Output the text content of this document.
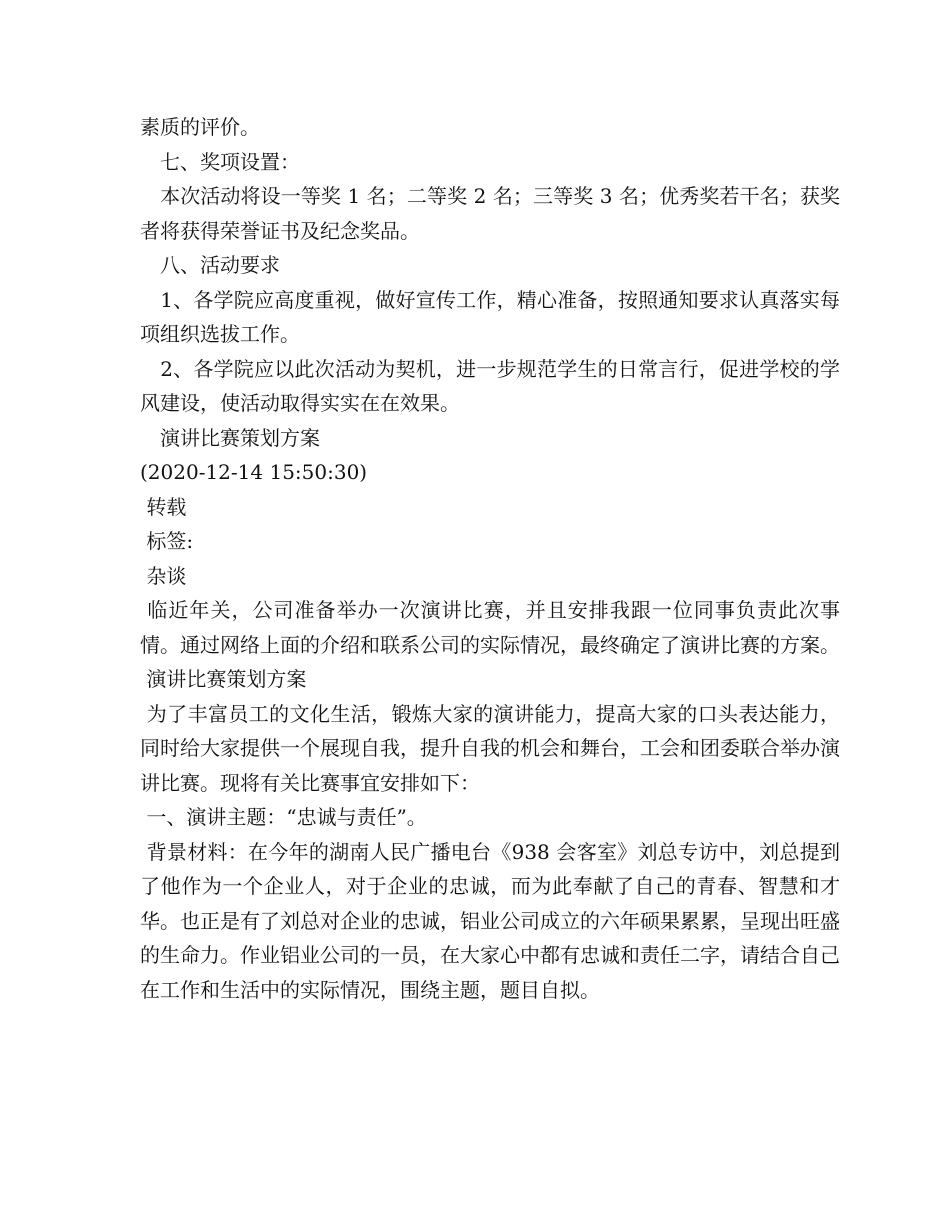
素质的评价。

　七、奖项设置：

　本次活动将设一等奖 1 名；二等奖 2 名；三等奖 3 名；优秀奖若干名；获奖者将获得荣誉证书及纪念奖品。

　八、活动要求

　1、各学院应高度重视，做好宣传工作，精心准备，按照通知要求认真落实每项组织选拔工作。

　2、各学院应以此次活动为契机，进一步规范学生的日常言行，促进学校的学风建设，使活动取得实实在在效果。

　演讲比赛策划方案

(2020-12-14 15:50:30)

转载

标签:

杂谈

临近年关，公司准备举办一次演讲比赛，并且安排我跟一位同事负责此次事情。通过网络上面的介绍和联系公司的实际情况，最终确定了演讲比赛的方案。

演讲比赛策划方案

为了丰富员工的文化生活，锻炼大家的演讲能力，提高大家的口头表达能力，同时给大家提供一个展现自我，提升自我的机会和舞台，工会和团委联合举办演讲比赛。现将有关比赛事宜安排如下：

一、演讲主题：“忠诚与责任”。

背景材料：在今年的湖南人民广播电台《938 会客室》刘总专访中，刘总提到了他作为一个企业人，对于企业的忠诚，而为此奉献了自己的青春、智慧和才华。也正是有了刘总对企业的忠诚，铝业公司成立的六年硕果累累，呈现出旺盛的生命力。作业铝业公司的一员，在大家心中都有忠诚和责任二字，请结合自己在工作和生活中的实际情况，围绕主题，题目自拟。
